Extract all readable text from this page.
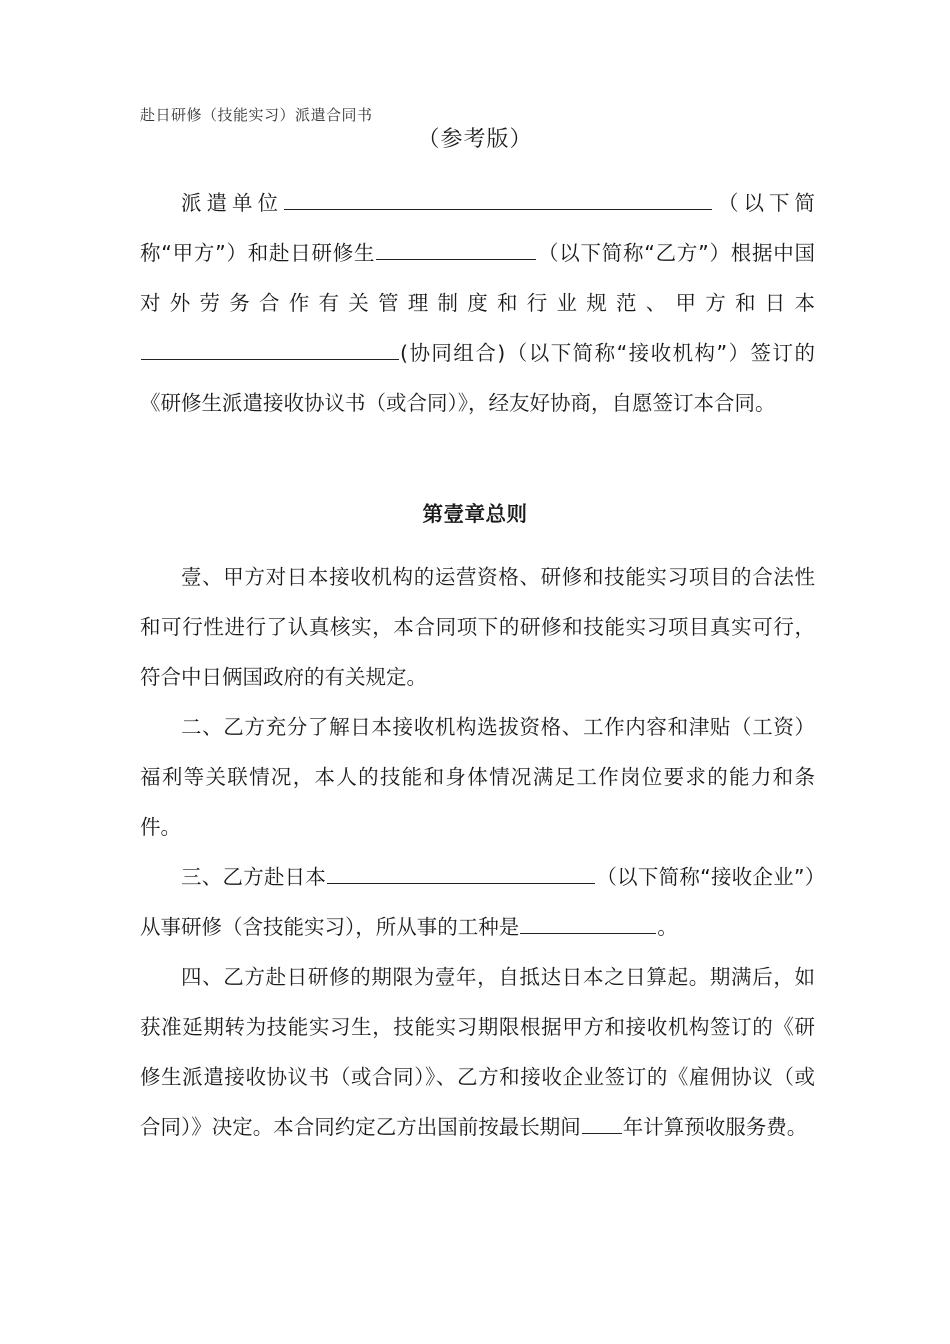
赴日研修（技能实习）派遣合同书
（参考版）

派遣单位	（以下简称“甲方”）和赴日研修生	（以下简称“乙方”）根据中国对外劳务合作有关管理制度和行业规范、甲方和日本(协同组合)（以下简称“接收机构”）签订的《研修生派遣接收协议书（或合同）》，经友好协商，自愿签订本合同。

第壹章总则

壹、甲方对日本接收机构的运营资格、研修和技能实习项目的合法性和可行性进行了认真核实，本合同项下的研修和技能实习项目真实可行，符合中日俩国政府的有关规定。

二、乙方充分了解日本接收机构选拔资格、工作内容和津贴（工资）福利等关联情况，本人的技能和身体情况满足工作岗位要求的能力和条件。

三、乙方赴日本	（以下简称“接收企业”）从事研修（含技能实习），所从事的工种是	。

四、乙方赴日研修的期限为壹年，自抵达日本之日算起。期满后，如获准延期转为技能实习生，技能实习期限根据甲方和接收机构签订的《研修生派遣接收协议书（或合同）》、乙方和接收企业签订的《雇佣协议（或合同）》决定。本合同约定乙方出国前按最长期间 年计算预收服务费。
